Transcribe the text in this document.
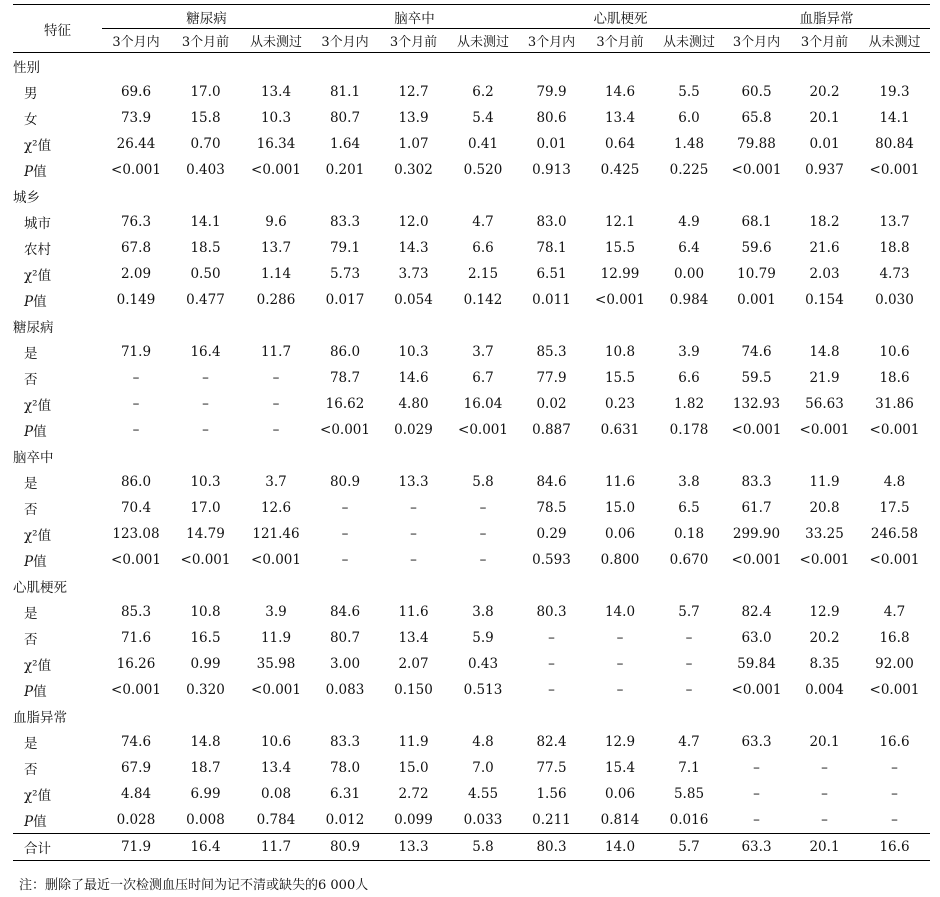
特征	糖尿病			脑卒中			心肌梗死			血脂异常		
	3个月内	3个月前	从未测过	3个月内	3个月前	从未测过	3个月内	3个月前	从未测过	3个月内	3个月前	从未测过
性别												
男	69.6	17.0	13.4	81.1	12.7	6.2	79.9	14.6	5.5	60.5	20.2	19.3
女	73.9	15.8	10.3	80.7	13.9	5.4	80.6	13.4	6.0	65.8	20.1	14.1
χ²值	26.44	0.70	16.34	1.64	1.07	0.41	0.01	0.64	1.48	79.88	0.01	80.84
P值	<0.001	0.403	<0.001	0.201	0.302	0.520	0.913	0.425	0.225	<0.001	0.937	<0.001
城乡												
城市	76.3	14.1	9.6	83.3	12.0	4.7	83.0	12.1	4.9	68.1	18.2	13.7
农村	67.8	18.5	13.7	79.1	14.3	6.6	78.1	15.5	6.4	59.6	21.6	18.8
χ²值	2.09	0.50	1.14	5.73	3.73	2.15	6.51	12.99	0.00	10.79	2.03	4.73
P值	0.149	0.477	0.286	0.017	0.054	0.142	0.011	<0.001	0.984	0.001	0.154	0.030
糖尿病												
是	71.9	16.4	11.7	86.0	10.3	3.7	85.3	10.8	3.9	74.6	14.8	10.6
否	–	–	–	78.7	14.6	6.7	77.9	15.5	6.6	59.5	21.9	18.6
χ²值	–	–	–	16.62	4.80	16.04	0.02	0.23	1.82	132.93	56.63	31.86
P值	–	–	–	<0.001	0.029	<0.001	0.887	0.631	0.178	<0.001	<0.001	<0.001
脑卒中												
是	86.0	10.3	3.7	80.9	13.3	5.8	84.6	11.6	3.8	83.3	11.9	4.8
否	70.4	17.0	12.6	–	–	–	78.5	15.0	6.5	61.7	20.8	17.5
χ²值	123.08	14.79	121.46	–	–	–	0.29	0.06	0.18	299.90	33.25	246.58
P值	<0.001	<0.001	<0.001	–	–	–	0.593	0.800	0.670	<0.001	<0.001	<0.001
心肌梗死												
是	85.3	10.8	3.9	84.6	11.6	3.8	80.3	14.0	5.7	82.4	12.9	4.7
否	71.6	16.5	11.9	80.7	13.4	5.9	–	–	–	63.0	20.2	16.8
χ²值	16.26	0.99	35.98	3.00	2.07	0.43	–	–	–	59.84	8.35	92.00
P值	<0.001	0.320	<0.001	0.083	0.150	0.513	–	–	–	<0.001	0.004	<0.001
血脂异常												
是	74.6	14.8	10.6	83.3	11.9	4.8	82.4	12.9	4.7	63.3	20.1	16.6
否	67.9	18.7	13.4	78.0	15.0	7.0	77.5	15.4	7.1	–	–	–
χ²值	4.84	6.99	0.08	6.31	2.72	4.55	1.56	0.06	5.85	–	–	–
P值	0.028	0.008	0.784	0.012	0.099	0.033	0.211	0.814	0.016	–	–	–
合计	71.9	16.4	11.7	80.9	13.3	5.8	80.3	14.0	5.7	63.3	20.1	16.6
注：删除了最近一次检测血压时间为记不清或缺失的6 000人
